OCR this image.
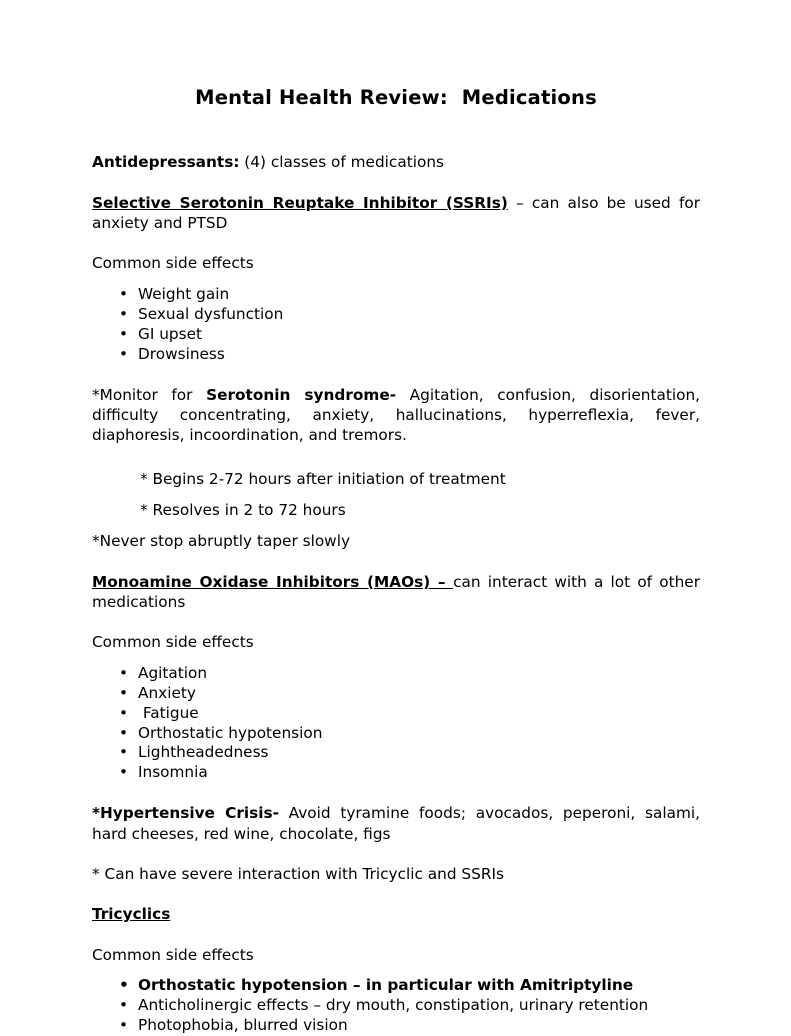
Mental Health Review:  Medications

Antidepressants: (4) classes of medications

Selective Serotonin Reuptake Inhibitor (SSRIs) – can also be used for anxiety and PTSD

Common side effects

• Weight gain
• Sexual dysfunction
• GI upset
• Drowsiness

*Monitor for Serotonin syndrome- Agitation, confusion, disorientation, difficulty concentrating, anxiety, hallucinations, hyperreflexia, fever, diaphoresis, incoordination, and tremors.

* Begins 2-72 hours after initiation of treatment

* Resolves in 2 to 72 hours

*Never stop abruptly taper slowly

Monoamine Oxidase Inhibitors (MAOs) – can interact with a lot of other medications

Common side effects

• Agitation
• Anxiety
• Fatigue
• Orthostatic hypotension
• Lightheadedness
• Insomnia

*Hypertensive Crisis- Avoid tyramine foods; avocados, peperoni, salami, hard cheeses, red wine, chocolate, figs

* Can have severe interaction with Tricyclic and SSRIs

Tricyclics

Common side effects

• Orthostatic hypotension – in particular with Amitriptyline
• Anticholinergic effects – dry mouth, constipation, urinary retention
• Photophobia, blurred vision
